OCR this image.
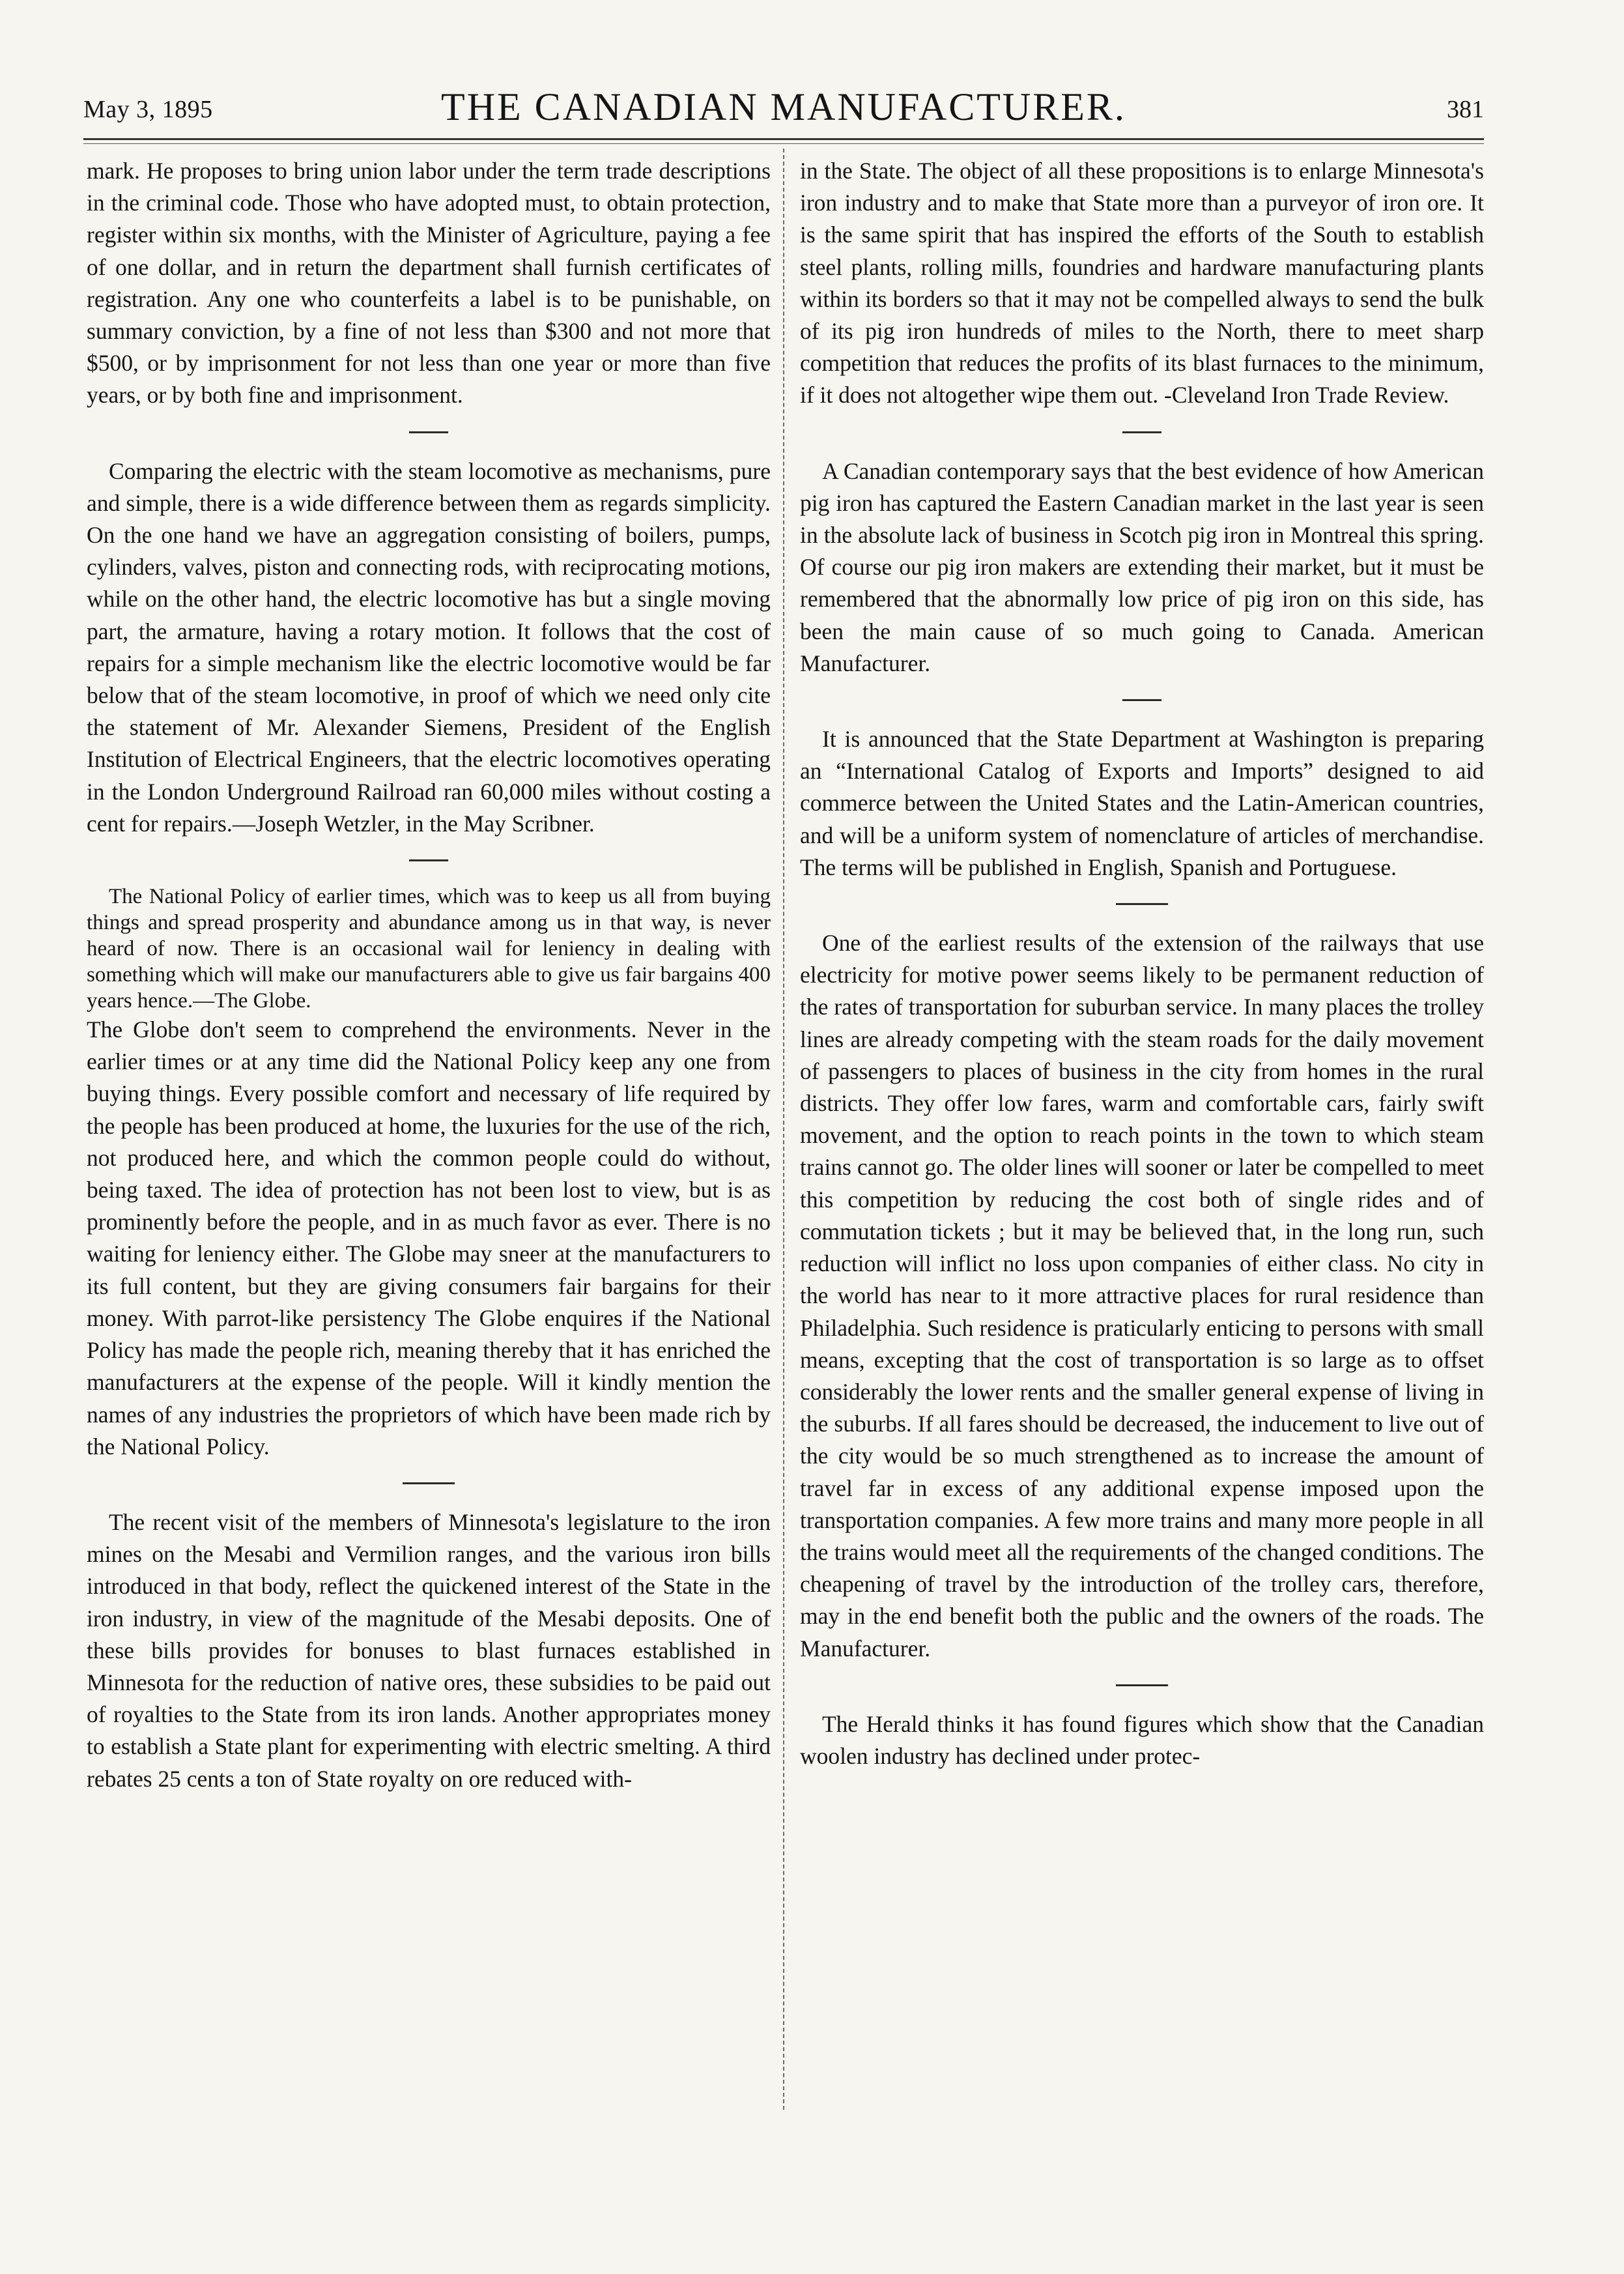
May 3, 1895	THE CANADIAN MANUFACTURER.	381

mark. He proposes to bring union labor under the term trade descriptions in the criminal code. Those who have adopted must, to obtain protection, register within six months, with the Minister of Agriculture, paying a fee of one dollar, and in return the department shall furnish certificates of registration. Any one who counterfeits a label is to be punishable, on summary conviction, by a fine of not less than $300 and not more that $500, or by imprisonment for not less than one year or more than five years, or by both fine and imprisonment.

Comparing the electric with the steam locomotive as mechanisms, pure and simple, there is a wide difference between them as regards simplicity. On the one hand we have an aggregation consisting of boilers, pumps, cylinders, valves, piston and connecting rods, with reciprocating motions, while on the other hand, the electric locomotive has but a single moving part, the armature, having a rotary motion. It follows that the cost of repairs for a simple mechanism like the electric locomotive would be far below that of the steam locomotive, in proof of which we need only cite the statement of Mr. Alexander Siemens, President of the English Institution of Electrical Engineers, that the electric locomotives operating in the London Underground Railroad ran 60,000 miles without costing a cent for repairs.—Joseph Wetzler, in the May Scribner.

The National Policy of earlier times, which was to keep us all from buying things and spread prosperity and abundance among us in that way, is never heard of now. There is an occasional wail for leniency in dealing with something which will make our manufacturers able to give us fair bargains 400 years hence.—The Globe.

The Globe don't seem to comprehend the environments. Never in the earlier times or at any time did the National Policy keep any one from buying things. Every possible comfort and necessary of life required by the people has been produced at home, the luxuries for the use of the rich, not produced here, and which the common people could do without, being taxed. The idea of protection has not been lost to view, but is as prominently before the people, and in as much favor as ever. There is no waiting for leniency either. The Globe may sneer at the manufacturers to its full content, but they are giving consumers fair bargains for their money. With parrot-like persistency The Globe enquires if the National Policy has made the people rich, meaning thereby that it has enriched the manufacturers at the expense of the people. Will it kindly mention the names of any industries the proprietors of which have been made rich by the National Policy.

The recent visit of the members of Minnesota's legislature to the iron mines on the Mesabi and Vermilion ranges, and the various iron bills introduced in that body, reflect the quickened interest of the State in the iron industry, in view of the magnitude of the Mesabi deposits. One of these bills provides for bonuses to blast furnaces established in Minnesota for the reduction of native ores, these subsidies to be paid out of royalties to the State from its iron lands. Another appropriates money to establish a State plant for experimenting with electric smelting. A third rebates 25 cents a ton of State royalty on ore reduced with-

in the State. The object of all these propositions is to enlarge Minnesota's iron industry and to make that State more than a purveyor of iron ore. It is the same spirit that has inspired the efforts of the South to establish steel plants, rolling mills, foundries and hardware manufacturing plants within its borders so that it may not be compelled always to send the bulk of its pig iron hundreds of miles to the North, there to meet sharp competition that reduces the profits of its blast furnaces to the minimum, if it does not altogether wipe them out. -Cleveland Iron Trade Review.

A Canadian contemporary says that the best evidence of how American pig iron has captured the Eastern Canadian market in the last year is seen in the absolute lack of business in Scotch pig iron in Montreal this spring. Of course our pig iron makers are extending their market, but it must be remembered that the abnormally low price of pig iron on this side, has been the main cause of so much going to Canada. American Manufacturer.

It is announced that the State Department at Washington is preparing an “International Catalog of Exports and Imports” designed to aid commerce between the United States and the Latin-American countries, and will be a uniform system of nomenclature of articles of merchandise. The terms will be published in English, Spanish and Portuguese.

One of the earliest results of the extension of the railways that use electricity for motive power seems likely to be permanent reduction of the rates of transportation for suburban service. In many places the trolley lines are already competing with the steam roads for the daily movement of passengers to places of business in the city from homes in the rural districts. They offer low fares, warm and comfortable cars, fairly swift movement, and the option to reach points in the town to which steam trains cannot go. The older lines will sooner or later be compelled to meet this competition by reducing the cost both of single rides and of commutation tickets ; but it may be believed that, in the long run, such reduction will inflict no loss upon companies of either class. No city in the world has near to it more attractive places for rural residence than Philadelphia. Such residence is praticularly enticing to persons with small means, excepting that the cost of transportation is so large as to offset considerably the lower rents and the smaller general expense of living in the suburbs. If all fares should be decreased, the inducement to live out of the city would be so much strengthened as to increase the amount of travel far in excess of any additional expense imposed upon the transportation companies. A few more trains and many more people in all the trains would meet all the requirements of the changed conditions. The cheapening of travel by the introduction of the trolley cars, therefore, may in the end benefit both the public and the owners of the roads. The Manufacturer.

The Herald thinks it has found figures which show that the Canadian woolen industry has declined under protec-
